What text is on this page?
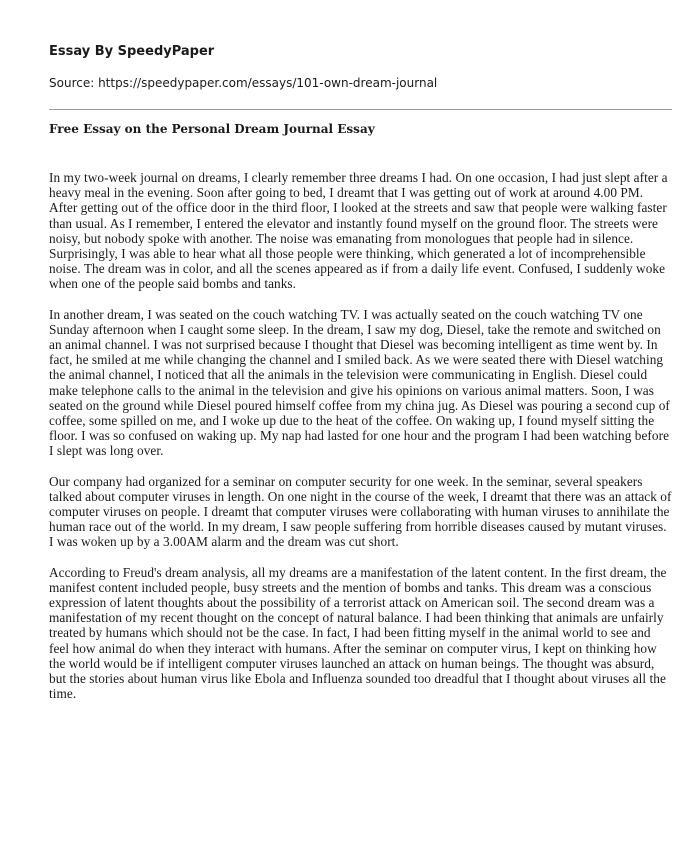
Essay By SpeedyPaper
Source: https://speedypaper.com/essays/101-own-dream-journal
Free Essay on the Personal Dream Journal Essay

In my two-week journal on dreams, I clearly remember three dreams I had. On one occasion, I had just slept after a heavy meal in the evening. Soon after going to bed, I dreamt that I was getting out of work at around 4.00 PM. After getting out of the office door in the third floor, I looked at the streets and saw that people were walking faster than usual. As I remember, I entered the elevator and instantly found myself on the ground floor. The streets were noisy, but nobody spoke with another. The noise was emanating from monologues that people had in silence. Surprisingly, I was able to hear what all those people were thinking, which generated a lot of incomprehensible noise. The dream was in color, and all the scenes appeared as if from a daily life event. Confused, I suddenly woke when one of the people said bombs and tanks.

In another dream, I was seated on the couch watching TV. I was actually seated on the couch watching TV one Sunday afternoon when I caught some sleep. In the dream, I saw my dog, Diesel, take the remote and switched on an animal channel. I was not surprised because I thought that Diesel was becoming intelligent as time went by. In fact, he smiled at me while changing the channel and I smiled back. As we were seated there with Diesel watching the animal channel, I noticed that all the animals in the television were communicating in English. Diesel could make telephone calls to the animal in the television and give his opinions on various animal matters. Soon, I was seated on the ground while Diesel poured himself coffee from my china jug. As Diesel was pouring a second cup of coffee, some spilled on me, and I woke up due to the heat of the coffee. On waking up, I found myself sitting the floor. I was so confused on waking up. My nap had lasted for one hour and the program I had been watching before I slept was long over.

Our company had organized for a seminar on computer security for one week. In the seminar, several speakers talked about computer viruses in length. On one night in the course of the week, I dreamt that there was an attack of computer viruses on people. I dreamt that computer viruses were collaborating with human viruses to annihilate the human race out of the world. In my dream, I saw people suffering from horrible diseases caused by mutant viruses. I was woken up by a 3.00AM alarm and the dream was cut short.

According to Freud's dream analysis, all my dreams are a manifestation of the latent content. In the first dream, the manifest content included people, busy streets and the mention of bombs and tanks. This dream was a conscious expression of latent thoughts about the possibility of a terrorist attack on American soil. The second dream was a manifestation of my recent thought on the concept of natural balance. I had been thinking that animals are unfairly treated by humans which should not be the case. In fact, I had been fitting myself in the animal world to see and feel how animal do when they interact with humans. After the seminar on computer virus, I kept on thinking how the world would be if intelligent computer viruses launched an attack on human beings. The thought was absurd, but the stories about human virus like Ebola and Influenza sounded too dreadful that I thought about viruses all the time.
